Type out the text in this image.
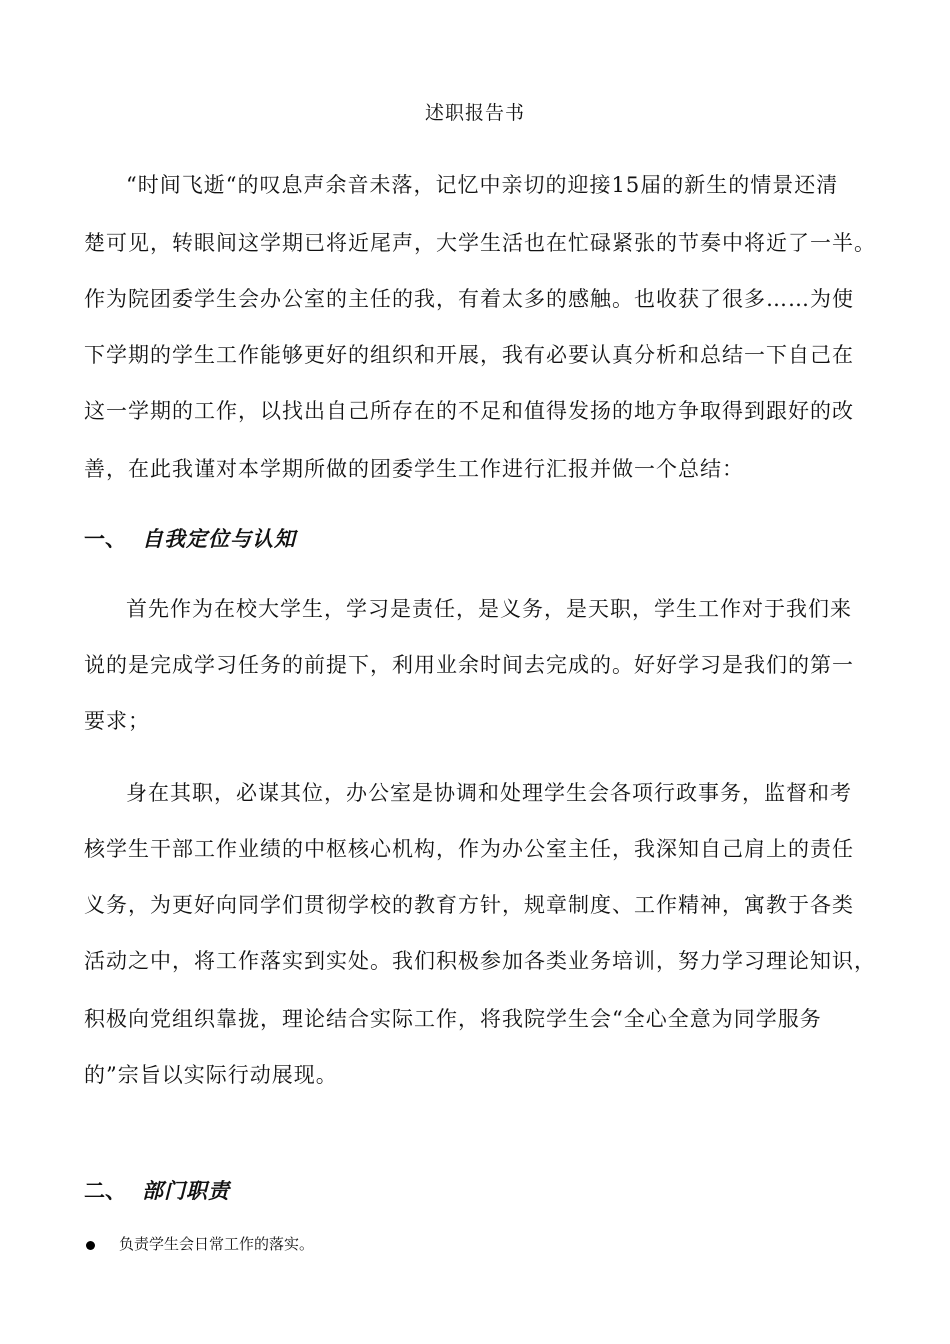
述职报告书
“时间飞逝“的叹息声余音未落，记忆中亲切的迎接15届的新生的情景还清
楚可见，转眼间这学期已将近尾声，大学生活也在忙碌紧张的节奏中将近了一半。
作为院团委学生会办公室的主任的我，有着太多的感触。也收获了很多……为使
下学期的学生工作能够更好的组织和开展，我有必要认真分析和总结一下自己在
这一学期的工作，以找出自己所存在的不足和值得发扬的地方争取得到跟好的改
善，在此我谨对本学期所做的团委学生工作进行汇报并做一个总结：
一、 自我定位与认知
首先作为在校大学生，学习是责任，是义务，是天职，学生工作对于我们来
说的是完成学习任务的前提下，利用业余时间去完成的。好好学习是我们的第一
要求；
身在其职，必谋其位，办公室是协调和处理学生会各项行政事务，监督和考
核学生干部工作业绩的中枢核心机构，作为办公室主任，我深知自己肩上的责任
义务，为更好向同学们贯彻学校的教育方针，规章制度、工作精神，寓教于各类
活动之中，将工作落实到实处。我们积极参加各类业务培训，努力学习理论知识，
积极向党组织靠拢，理论结合实际工作，将我院学生会“全心全意为同学服务
的”宗旨以实际行动展现。
二、 部门职责
负责学生会日常工作的落实。
